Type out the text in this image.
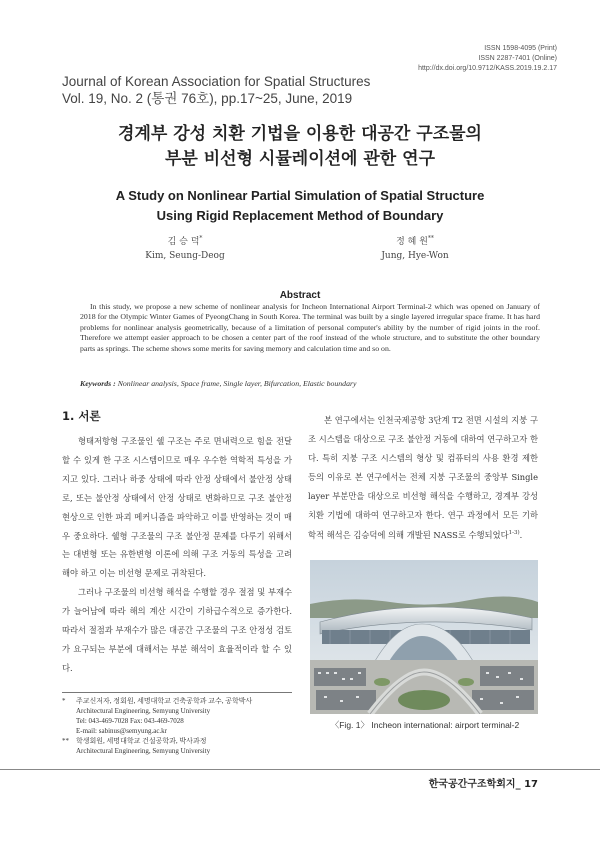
ISSN 1598-4095 (Print)
ISSN 2287-7401 (Online)
http://dx.doi.org/10.9712/KASS.2019.19.2.17
Journal of Korean Association for Spatial Structures
Vol. 19, No. 2 (통권 76호), pp.17~25, June, 2019
경계부 강성 치환 기법을 이용한 대공간 구조물의
부분 비선형 시뮬레이션에 관한 연구
A Study on Nonlinear Partial Simulation of Spatial Structure
Using Rigid Replacement Method of Boundary
김 승 덕*
Kim, Seung-Deog
정 혜 원**
Jung, Hye-Won
Abstract
In this study, we propose a new scheme of nonlinear analysis for Incheon International Airport Terminal-2 which was opened on January of 2018 for the Olympic Winter Games of PyeongChang in South Korea. The terminal was built by a single layered irregular space frame. It has hard problems for nonlinear analysis geometrically, because of a limitation of personal computer's ability by the number of rigid joints in the roof. Therefore we attempt easier approach to be chosen a center part of the roof instead of the whole structure, and to substitute the other boundary parts as springs. The scheme shows some merits for saving memory and calculation time and so on.
Keywords : Nonlinear analysis, Space frame, Single layer, Bifurcation, Elastic boundary
1. 서론

형태저항형 구조물인 쉘 구조는 주로 면내력으로 힘을 전달할 수 있게 한 구조 시스템이므로 매우 우수한 역학적 특성을 가지고 있다. 그러나 하중 상태에 따라 안정 상태에서 불안정 상태로, 또는 불안정 상태에서 안정 상태로 변화하므로 구조 불안정 현상으로 인한 파괴 메커니즘을 파악하고 이를 반영하는 것이 매우 중요하다. 쉘형 구조물의 구조 불안정 문제를 다루기 위해서는 대변형 또는 유한변형 이론에 의해 구조 거동의 특성을 고려해야 하고 이는 비선형 문제로 귀착된다.

그러나 구조물의 비선형 해석을 수행할 경우 절점 및 부재수가 늘어남에 따라 해의 계산 시간이 기하급수적으로 증가한다. 따라서 절점과 부재수가 많은 대공간 구조물의 구조 안정성 검토가 요구되는 부분에 대해서는 부분 해석이 효율적이라 할 수 있다.

본 연구에서는 인천국제공항 3단계 T2 전면 시설의 지붕 구조 시스템을 대상으로 구조 불안정 거동에 대하여 연구하고자 한다. 특히 지붕 구조 시스템의 형상 및 컴퓨터의 사용 환경 제한 등의 이유로 본 연구에서는 전체 지붕 구조물의 중앙부 Single layer 부분만을 대상으로 비선형 해석을 수행하고, 경계부 강성 치환 기법에 대하여 연구하고자 한다. 연구 과정에서 모든 기하학적 해석은 김승덕에 의해 개발된 NASS로 수행되었다$^{1-3)}$.

〈Fig. 1〉 Incheon international: airport terminal-2
*	주교신저자, 정회원, 세명대학교 건축공학과 교수, 공학박사
Architectural Engineering, Semyung University
Tel: 043-469-7028 Fax: 043-469-7028
E-mail: sabinus@semyung.ac.kr
**	학생회원, 세명대학교 건설공학과, 박사과정
Architectural Engineering, Semyung University
한국공간구조학회지_ 17
